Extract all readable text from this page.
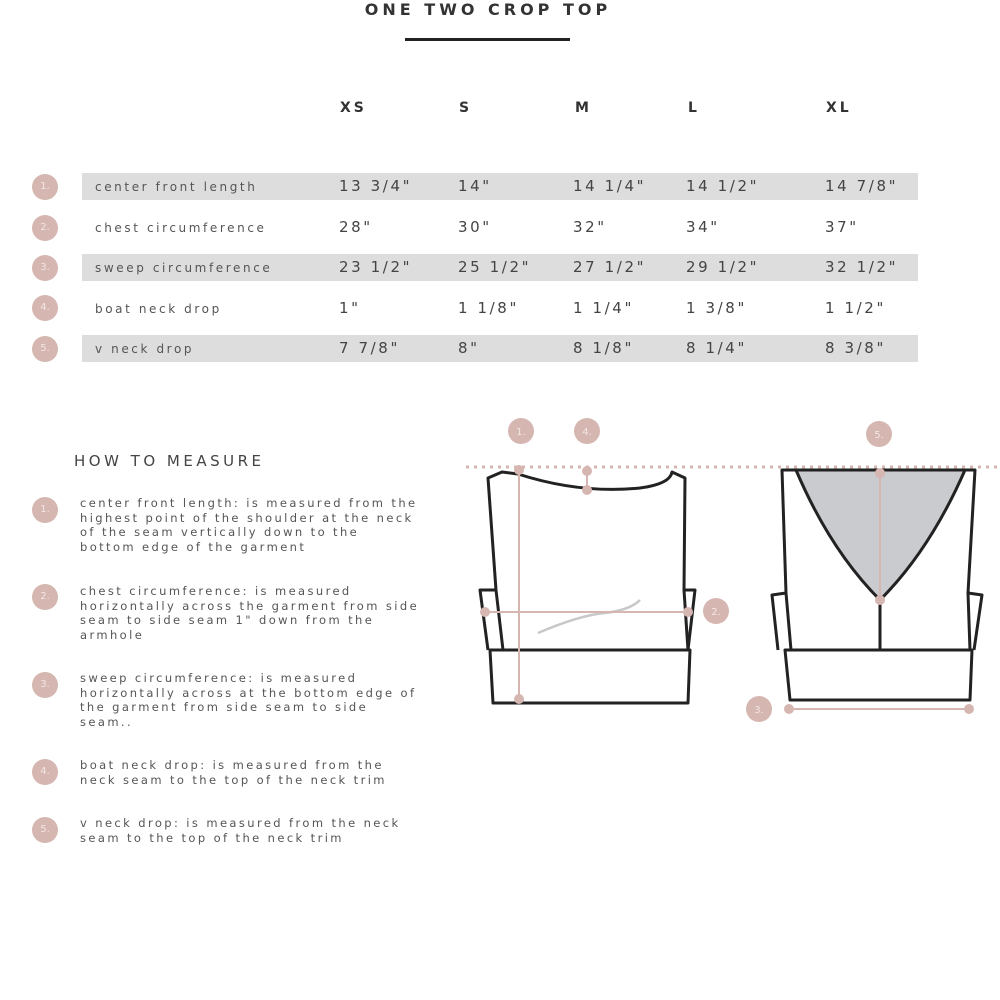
ONE TWO CROP TOP
XS	S	M	L	XL
1.	center front length	13 3/4"	14"	14 1/4"	14 1/2"	14 7/8"
2.	chest circumference	28"	30"	32"	34"	37"
3.	sweep circumference	23 1/2"	25 1/2"	27 1/2"	29 1/2"	32 1/2"
4.	boat neck drop	1"	1 1/8"	1 1/4"	1 3/8"	1 1/2"
5.	v neck drop	7 7/8"	8"	8 1/8"	8 1/4"	8 3/8"
HOW TO MEASURE
1.	center front length: is measured from the
highest point of the shoulder at the neck
of the seam vertically down to the
bottom edge of the garment
2.	chest circumference: is measured
horizontally across the garment from side
seam to side seam 1" down from the
armhole
3.	sweep circumference: is measured
horizontally across at the bottom edge of
the garment from side seam to side
seam..
4.	boat neck drop: is measured from the
neck seam to the top of the neck trim
5.	v neck drop: is measured from the neck
seam to the top of the neck trim
1.	4.
2.
5.
3.
